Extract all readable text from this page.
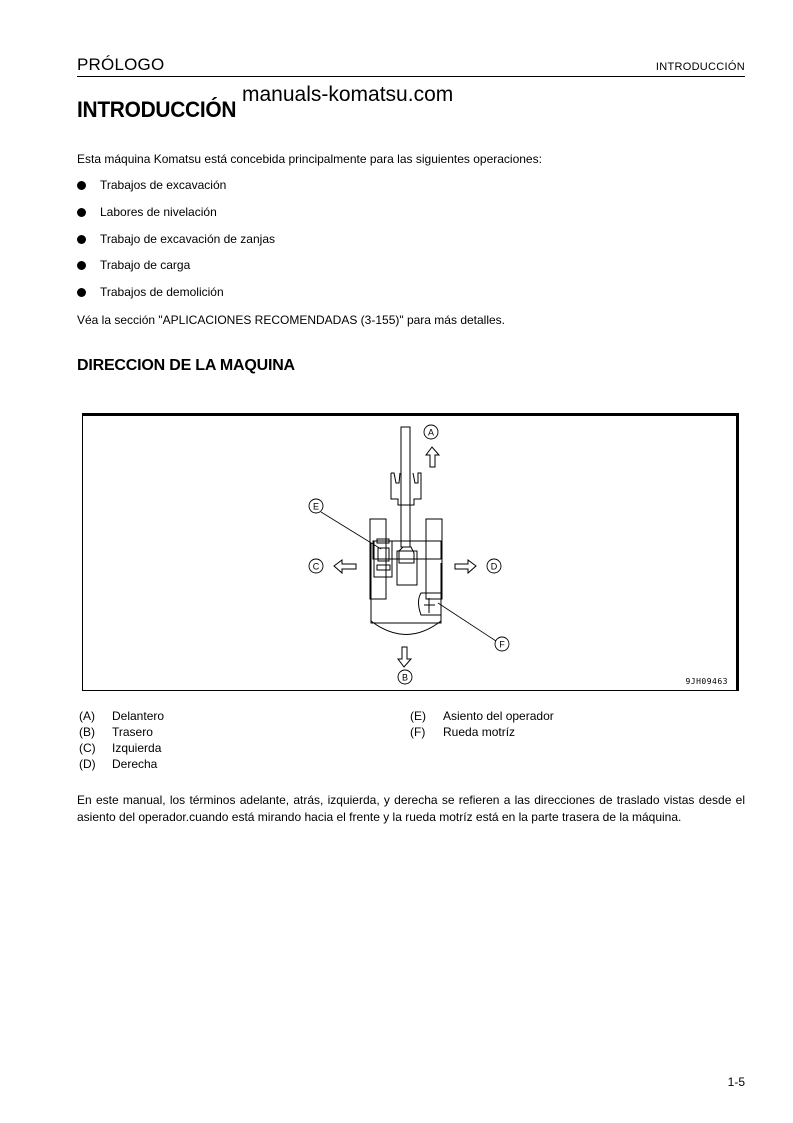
PRÓLOGO	INTRODUCCIÓN
INTRODUCCIÓN
manuals-komatsu.com
Esta máquina Komatsu está concebida principalmente para las siguientes operaciones:
Trabajos de excavación
Labores de nivelación
Trabajo de excavación de zanjas
Trabajo de carga
Trabajos de demolición
Véa la sección "APLICACIONES RECOMENDADAS (3-155)" para más detalles.
DIRECCION DE LA MAQUINA
A
B
C	D
E
F
9JH09463
(A)	Delantero
(B)	Trasero
(C)	Izquierda
(D)	Derecha
(E)	Asiento del operador
(F)	Rueda motríz
En este manual, los términos adelante, atrás, izquierda, y derecha se refieren a las direcciones de traslado vistas desde el asiento del operador.cuando está mirando hacia el frente y la rueda motríz está en la parte trasera de la máquina.
1-5
